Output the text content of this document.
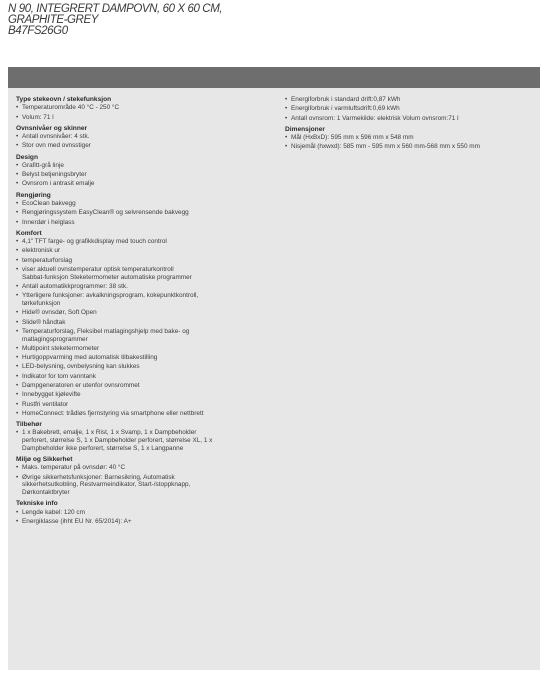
N 90, INTEGRERT DAMPOVN, 60 X 60 CM,
GRAPHITE-GREY
B47FS26G0
Type stekeovn / stekefunksjon
• Temperaturområde 40 °C - 250 °C
• Volum: 71 l
Ovnsnivåer og skinner
• Antall ovnsnivåer: 4 stk.
• Stor ovn med ovnsstiger
Design
• Grafitt-grå linje
• Belyst betjeningsbryter
• Ovnsrom i antrasit emalje
Rengjøring
• EcoClean bakvegg
• Rengjøringssystem EasyClean® og selvrensende bakvegg
• Innerdør i helglass
Komfort
• 4,1" TFT farge- og grafikkdisplay med touch control
• elektronisk ur
• temperaturforslag
• viser aktuell ovnstemperatur optisk temperaturkontroll
Sabbat-funksjon Steketermometer automatiske programmer
• Antall automatikkprogrammer: 38 stk.
• Ytterligere funksjoner: avkalkningsprogram, kokepunktkontroll,
tørkefunksjon
• Hide® ovnsdør, Soft Open
• Slide® håndtak
• Temperaturforslag, Fleksibel matlagingshjelp med bake- og
matlagingsprogrammer
• Multipoint steketermometer
• Hurtigoppvarming med automatisk tilbakestilling
• LED-belysning, ovnbelysning kan slukkes
• Indikator for tom vanntank
• Dampgeneratoren er utenfor ovnsrommet
• Innebygget kjølevifte
• Rustfri ventilator
• HomeConnect: trådløs fjernstyring via smartphone eller nettbrett
Tilbehør
• 1 x Bakebrett, emalje, 1 x Rist, 1 x Svamp, 1 x Dampbeholder
perforert, størrelse S, 1 x Dampbeholder perforert, størrelse XL, 1 x
Dampbeholder ikke perforert, størrelse S, 1 x Langpanne
Miljø og Sikkerhet
• Maks. temperatur på ovnsdør: 40 °C
• Øvrige sikkerhetsfunksjoner: Barnesikring, Automatisk
sikkerhetsutkobling, Restvarmeindikator, Start-/stoppknapp,
Dørkontaktbryter
Tekniske info
• Lengde kabel: 120 cm
• Energiklasse (ihht EU Nr. 65/2014): A+
• Energiforbruk i standard drift:0,87 kWh
• Energiforbruk i varmluftsdrift:0,69 kWh
• Antall ovnsrom: 1 Varmekilde: elektrisk Volum ovnsrom:71 l
Dimensjoner
• Mål (HxBxD): 595 mm x 596 mm x 548 mm
• Nisjemål (hxwxd): 585 mm - 595 mm x 560 mm-568 mm x 550 mm
